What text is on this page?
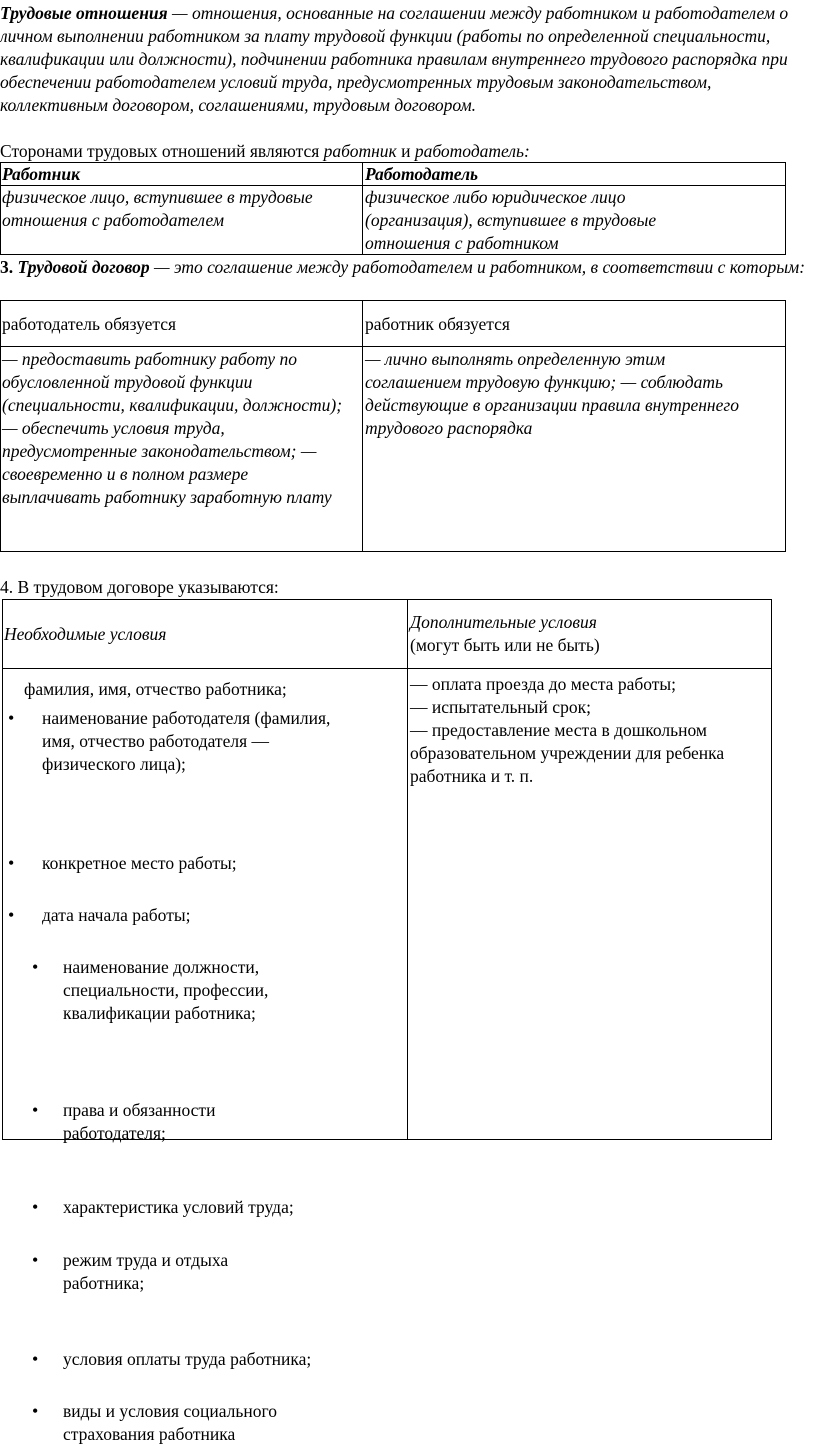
Трудовые отношения — отношения, основанные на соглашении между работником и работодателем о личном выполнении работником за плату трудовой функции (работы по определенной специальности, квалификации или должности), подчинении работника правилам внутреннего трудового распорядка при обеспечении работодателем условий труда, предусмотренных трудовым законодательством, коллективным договором, соглашениями, трудовым договором.
Сторонами трудовых отношений являются работник и работодатель:
Работник	Работодатель
физическое лицо, вступившее в трудовые отношения с работодателем
физическое либо юридическое лицо (организация), вступившее в трудовые отношения с работником
3. Трудовой договор — это соглашение между работодателем и работником, в соответствии с которым:
работодатель обязуется	работник обязуется
— предоставить работнику работу по обусловленной трудовой функции (специальности, квалификации, должности); — обеспечить условия труда, предусмотренные законодательством; — своевременно и в полном размере выплачивать работнику заработную плату
— лично выполнять определенную этим соглашением трудовую функцию; — соблюдать действующие в организации правила внутреннего трудового распорядка
4. В трудовом договоре указываются:
Необходимые условия
Дополнительные условия
(могут быть или не быть)
фамилия, имя, отчество работника;
• наименование работодателя (фамилия, имя, отчество работодателя — физического лица);
• конкретное место работы;
• дата начала работы;
• наименование должности, специальности, профессии, квалификации работника;
• права и обязанности работодателя;
• характеристика условий труда;
• режим труда и отдыха работника;
• условия оплаты труда работника;
• виды и условия социального страхования работника
— оплата проезда до места работы;
— испытательный срок;
— предоставление места в дошкольном образовательном учреждении для ребенка работника и т. п.
